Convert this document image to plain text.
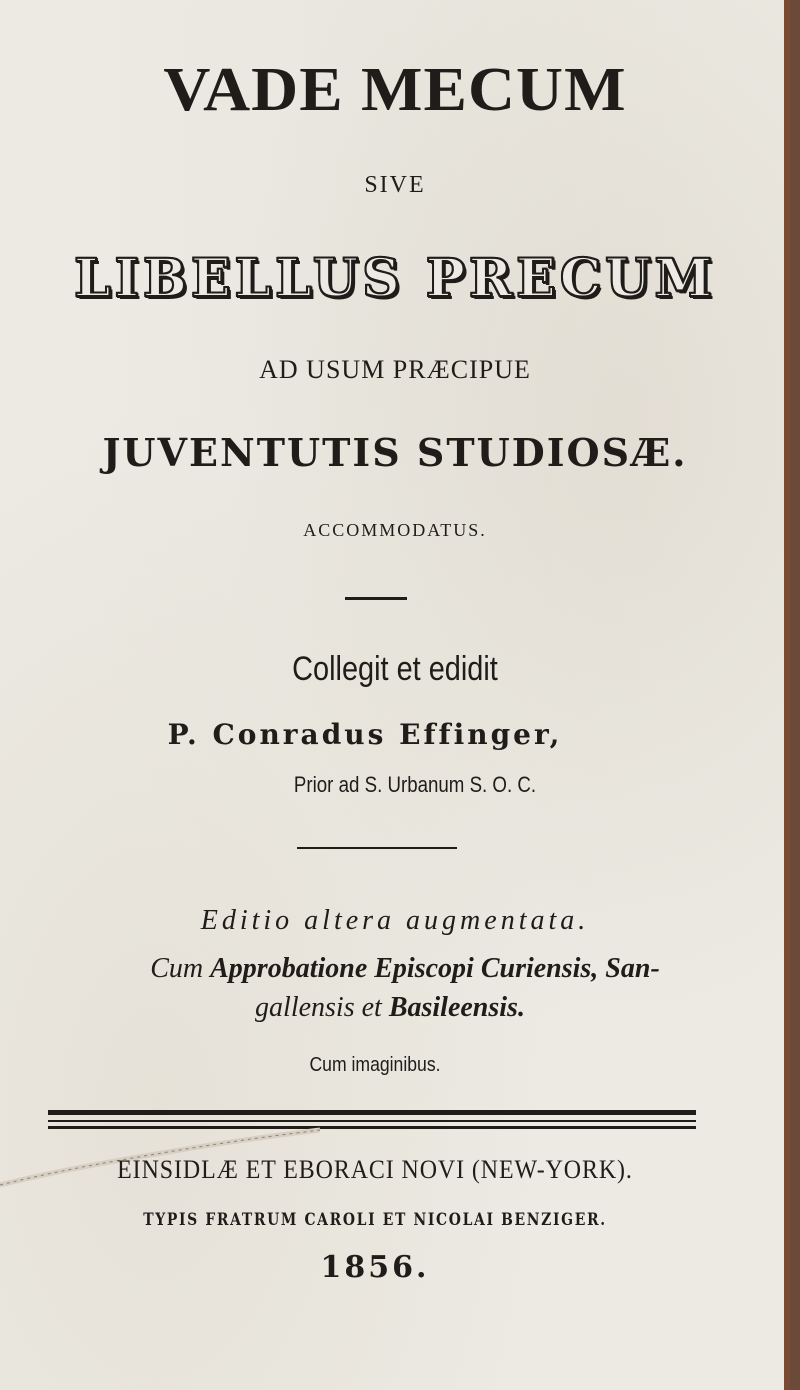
VADE MECUM
SIVE
LIBELLUS PRECUM
AD USUM PRÆCIPUE
JUVENTUTIS STUDIOSÆ.
ACCOMMODATUS.
Collegit et edidit
P. Conradus Effinger,
Prior ad S. Urbanum S. O. C.
Editio altera augmentata.
Cum Approbatione Episcopi Curiensis, San-
gallensis et Basileensis.
Cum imaginibus.
EINSIDLÆ ET EBORACI NOVI (NEW-YORK).
TYPIS FRATRUM CAROLI ET NICOLAI BENZIGER.
1856.
